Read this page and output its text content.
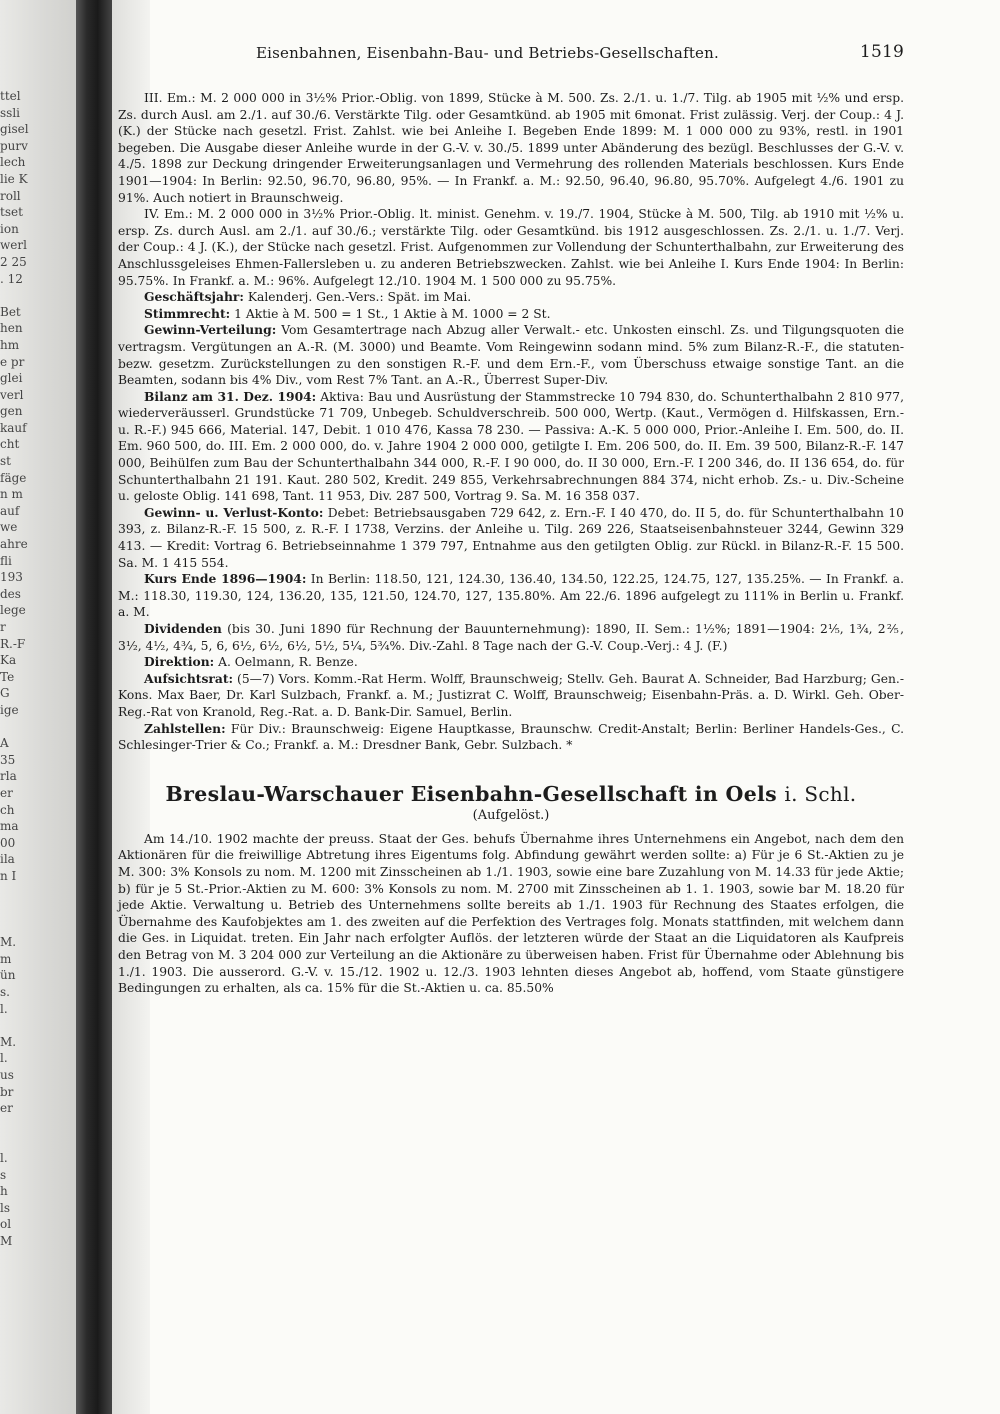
ttel
ssli
gisel
purv
lech
lie K
roll
tset
ion
werl
2 25
. 12
Bet
hen
hm
e pr
glei
verl
gen
kauf
cht
st
fäge
n m
auf
we
ahre
fli
193
des
lege
r
R.-F
Ka
Te
G
ige
A
35
rla
er
ch
ma
00
ila
n I
M.
m
ün
s.
l.
M.
l.
us
br
er
l.
s
h
ls
ol
M
Eisenbahnen, Eisenbahn-Bau- und Betriebs-Gesellschaften.	1519

III. Em.: M. 2 000 000 in 3½% Prior.-Oblig. von 1899, Stücke à M. 500. Zs. 2./1. u. 1./7. Tilg. ab 1905 mit ½% und ersp. Zs. durch Ausl. am 2./1. auf 30./6. Verstärkte Tilg. oder Gesamtkünd. ab 1905 mit 6monat. Frist zulässig. Verj. der Coup.: 4 J. (K.) der Stücke nach gesetzl. Frist. Zahlst. wie bei Anleihe I. Begeben Ende 1899: M. 1 000 000 zu 93%, restl. in 1901 begeben. Die Ausgabe dieser Anleihe wurde in der G.-V. v. 30./5. 1899 unter Abänderung des bezügl. Beschlusses der G.-V. v. 4./5. 1898 zur Deckung dringender Erweiterungsanlagen und Vermehrung des rollenden Materials beschlossen. Kurs Ende 1901—1904: In Berlin: 92.50, 96.70, 96.80, 95%. — In Frankf. a. M.: 92.50, 96.40, 96.80, 95.70%. Aufgelegt 4./6. 1901 zu 91%. Auch notiert in Braunschweig.

IV. Em.: M. 2 000 000 in 3½% Prior.-Oblig. lt. minist. Genehm. v. 19./7. 1904, Stücke à M. 500, Tilg. ab 1910 mit ½% u. ersp. Zs. durch Ausl. am 2./1. auf 30./6.; verstärkte Tilg. oder Gesamtkünd. bis 1912 ausgeschlossen. Zs. 2./1. u. 1./7. Verj. der Coup.: 4 J. (K.), der Stücke nach gesetzl. Frist. Aufgenommen zur Vollendung der Schunterthalbahn, zur Erweiterung des Anschlussgeleises Ehmen-Fallersleben u. zu anderen Betriebszwecken. Zahlst. wie bei Anleihe I. Kurs Ende 1904: In Berlin: 95.75%. In Frankf. a. M.: 96%. Aufgelegt 12./10. 1904 M. 1 500 000 zu 95.75%.

Geschäftsjahr: Kalenderj. Gen.-Vers.: Spät. im Mai.

Stimmrecht: 1 Aktie à M. 500 = 1 St., 1 Aktie à M. 1000 = 2 St.

Gewinn-Verteilung: Vom Gesamtertrage nach Abzug aller Verwalt.- etc. Unkosten einschl. Zs. und Tilgungsquoten die vertragsm. Vergütungen an A.-R. (M. 3000) und Beamte. Vom Reingewinn sodann mind. 5% zum Bilanz-R.-F., die statuten- bezw. gesetzm. Zurückstellungen zu den sonstigen R.-F. und dem Ern.-F., vom Überschuss etwaige sonstige Tant. an die Beamten, sodann bis 4% Div., vom Rest 7% Tant. an A.-R., Überrest Super-Div.

Bilanz am 31. Dez. 1904: Aktiva: Bau und Ausrüstung der Stammstrecke 10 794 830, do. Schunterthalbahn 2 810 977, wiederveräusserl. Grundstücke 71 709, Unbegeb. Schuldverschreib. 500 000, Wertp. (Kaut., Vermögen d. Hilfskassen, Ern.- u. R.-F.) 945 666, Material. 147, Debit. 1 010 476, Kassa 78 230. — Passiva: A.-K. 5 000 000, Prior.-Anleihe I. Em. 500, do. II. Em. 960 500, do. III. Em. 2 000 000, do. v. Jahre 1904 2 000 000, getilgte I. Em. 206 500, do. II. Em. 39 500, Bilanz-R.-F. 147 000, Beihülfen zum Bau der Schunterthalbahn 344 000, R.-F. I 90 000, do. II 30 000, Ern.-F. I 200 346, do. II 136 654, do. für Schunterthalbahn 21 191. Kaut. 280 502, Kredit. 249 855, Verkehrsabrechnungen 884 374, nicht erhob. Zs.- u. Div.-Scheine u. geloste Oblig. 141 698, Tant. 11 953, Div. 287 500, Vortrag 9. Sa. M. 16 358 037.

Gewinn- u. Verlust-Konto: Debet: Betriebsausgaben 729 642, z. Ern.-F. I 40 470, do. II 5, do. für Schunterthalbahn 10 393, z. Bilanz-R.-F. 15 500, z. R.-F. I 1738, Verzins. der Anleihe u. Tilg. 269 226, Staatseisenbahnsteuer 3244, Gewinn 329 413. — Kredit: Vortrag 6. Betriebseinnahme 1 379 797, Entnahme aus den getilgten Oblig. zur Rückl. in Bilanz-R.-F. 15 500. Sa. M. 1 415 554.

Kurs Ende 1896—1904: In Berlin: 118.50, 121, 124.30, 136.40, 134.50, 122.25, 124.75, 127, 135.25%. — In Frankf. a. M.: 118.30, 119.30, 124, 136.20, 135, 121.50, 124.70, 127, 135.80%. Am 22./6. 1896 aufgelegt zu 111% in Berlin u. Frankf. a. M.

Dividenden (bis 30. Juni 1890 für Rechnung der Bauunternehmung): 1890, II. Sem.: 1½%; 1891—1904: 2⅕, 1¾, 2⅖, 3½, 4½, 4¾, 5, 6, 6½, 6½, 6½, 5½, 5¼, 5¾%. Div.-Zahl. 8 Tage nach der G.-V. Coup.-Verj.: 4 J. (F.)

Direktion: A. Oelmann, R. Benze.

Aufsichtsrat: (5—7) Vors. Komm.-Rat Herm. Wolff, Braunschweig; Stellv. Geh. Baurat A. Schneider, Bad Harzburg; Gen.-Kons. Max Baer, Dr. Karl Sulzbach, Frankf. a. M.; Justizrat C. Wolff, Braunschweig; Eisenbahn-Präs. a. D. Wirkl. Geh. Ober-Reg.-Rat von Kranold, Reg.-Rat. a. D. Bank-Dir. Samuel, Berlin.

Zahlstellen: Für Div.: Braunschweig: Eigene Hauptkasse, Braunschw. Credit-Anstalt; Berlin: Berliner Handels-Ges., C. Schlesinger-Trier & Co.; Frankf. a. M.: Dresdner Bank, Gebr. Sulzbach. *

Breslau-Warschauer Eisenbahn-Gesellschaft in Oels i. Schl.
(Aufgelöst.)

Am 14./10. 1902 machte der preuss. Staat der Ges. behufs Übernahme ihres Unternehmens ein Angebot, nach dem den Aktionären für die freiwillige Abtretung ihres Eigentums folg. Abfindung gewährt werden sollte: a) Für je 6 St.-Aktien zu je M. 300: 3% Konsols zu nom. M. 1200 mit Zinsscheinen ab 1./1. 1903, sowie eine bare Zuzahlung von M. 14.33 für jede Aktie; b) für je 5 St.-Prior.-Aktien zu M. 600: 3% Konsols zu nom. M. 2700 mit Zinsscheinen ab 1. 1. 1903, sowie bar M. 18.20 für jede Aktie. Verwaltung u. Betrieb des Unternehmens sollte bereits ab 1./1. 1903 für Rechnung des Staates erfolgen, die Übernahme des Kaufobjektes am 1. des zweiten auf die Perfektion des Vertrages folg. Monats stattfinden, mit welchem dann die Ges. in Liquidat. treten. Ein Jahr nach erfolgter Auflös. der letzteren würde der Staat an die Liquidatoren als Kaufpreis den Betrag von M. 3 204 000 zur Verteilung an die Aktionäre zu überweisen haben. Frist für Übernahme oder Ablehnung bis 1./1. 1903. Die ausserord. G.-V. v. 15./12. 1902 u. 12./3. 1903 lehnten dieses Angebot ab, hoffend, vom Staate günstigere Bedingungen zu erhalten, als ca. 15% für die St.-Aktien u. ca. 85.50%
